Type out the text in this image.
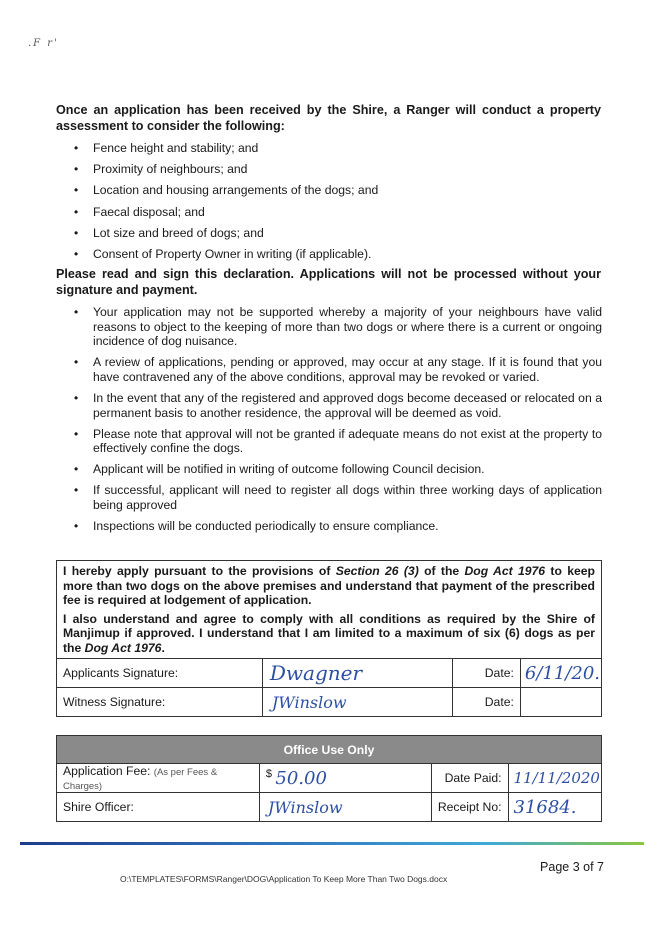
.F r'
Once an application has been received by the Shire, a Ranger will conduct a property assessment to consider the following:
• Fence height and stability; and
• Proximity of neighbours; and
• Location and housing arrangements of the dogs; and
• Faecal disposal; and
• Lot size and breed of dogs; and
• Consent of Property Owner in writing (if applicable).
Please read and sign this declaration. Applications will not be processed without your signature and payment.
• Your application may not be supported whereby a majority of your neighbours have valid reasons to object to the keeping of more than two dogs or where there is a current or ongoing incidence of dog nuisance.
• A review of applications, pending or approved, may occur at any stage. If it is found that you have contravened any of the above conditions, approval may be revoked or varied.
• In the event that any of the registered and approved dogs become deceased or relocated on a permanent basis to another residence, the approval will be deemed as void.
• Please note that approval will not be granted if adequate means do not exist at the property to effectively confine the dogs.
• Applicant will be notified in writing of outcome following Council decision.
• If successful, applicant will need to register all dogs within three working days of application being approved
• Inspections will be conducted periodically to ensure compliance.

I hereby apply pursuant to the provisions of Section 26 (3) of the Dog Act 1976 to keep more than two dogs on the above premises and understand that payment of the prescribed fee is required at lodgement of application.

I also understand and agree to comply with all conditions as required by the Shire of Manjimup if approved. I understand that I am limited to a maximum of six (6) dogs as per the Dog Act 1976.			

Applicants Signature:	Dwagner	Date:	6/11/20.
Witness Signature:	JWinslow	Date:	
Office Use Only			
Application Fee: (As per Fees & Charges)	$ 50.00	Date Paid:	11/11/2020
Shire Officer:	JWinslow	Receipt No:	31684.
Page 3 of 7
O:\TEMPLATES\FORMS\Ranger\DOG\Application To Keep More Than Two Dogs.docx
